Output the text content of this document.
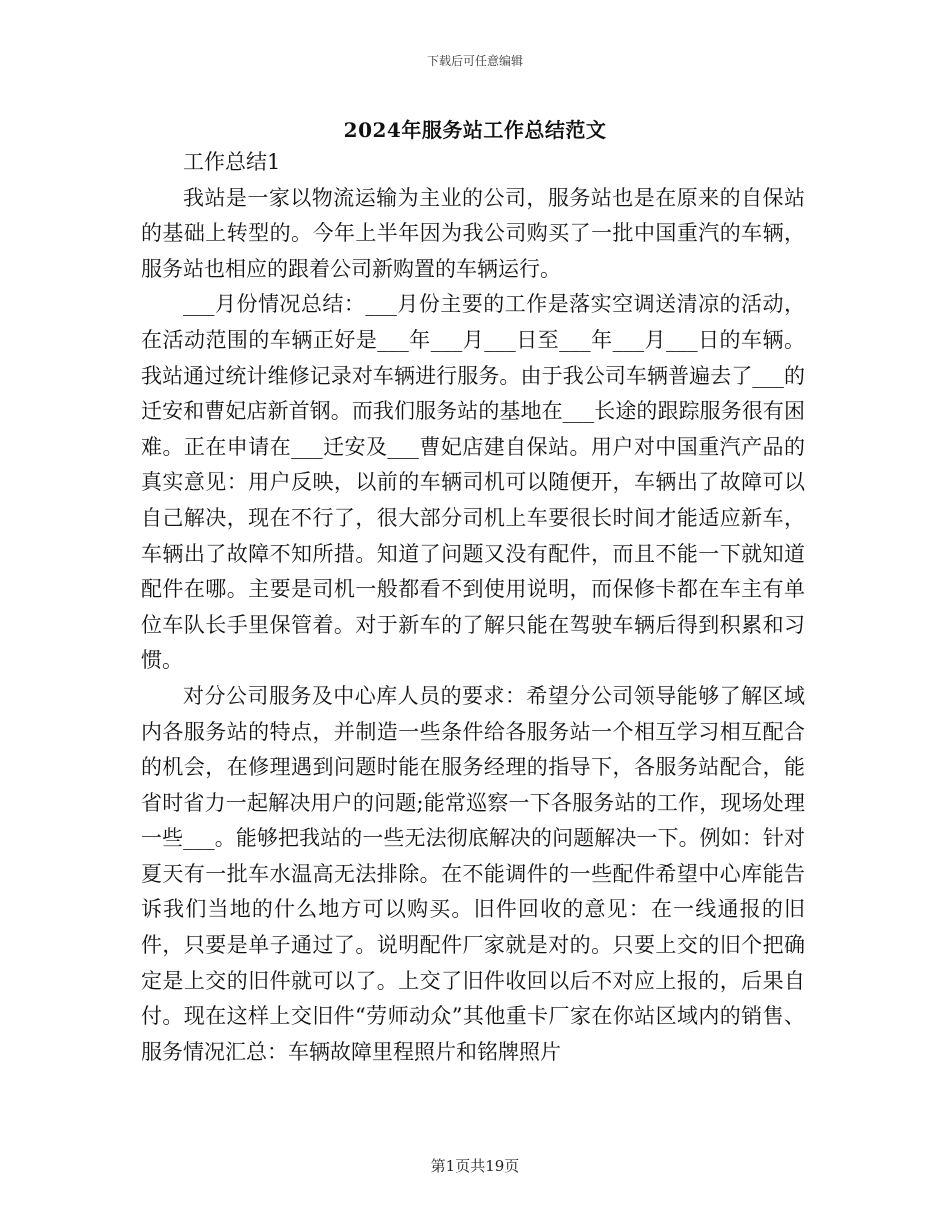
下载后可任意编辑
2024年服务站工作总结范文

工作总结1

我站是一家以物流运输为主业的公司，服务站也是在原来的自保站的基础上转型的。今年上半年因为我公司购买了一批中国重汽的车辆，服务站也相应的跟着公司新购置的车辆运行。

___月份情况总结：___月份主要的工作是落实空调送清凉的活动，在活动范围的车辆正好是___年___月___日至___年___月___日的车辆。我站通过统计维修记录对车辆进行服务。由于我公司车辆普遍去了___的迁安和曹妃店新首钢。而我们服务站的基地在___长途的跟踪服务很有困难。正在申请在___迁安及___曹妃店建自保站。用户对中国重汽产品的真实意见：用户反映，以前的车辆司机可以随便开，车辆出了故障可以自己解决，现在不行了，很大部分司机上车要很长时间才能适应新车，车辆出了故障不知所措。知道了问题又没有配件，而且不能一下就知道配件在哪。主要是司机一般都看不到使用说明，而保修卡都在车主有单位车队长手里保管着。对于新车的了解只能在驾驶车辆后得到积累和习惯。

对分公司服务及中心库人员的要求：希望分公司领导能够了解区域内各服务站的特点，并制造一些条件给各服务站一个相互学习相互配合的机会，在修理遇到问题时能在服务经理的指导下，各服务站配合，能省时省力一起解决用户的问题;能常巡察一下各服务站的工作，现场处理一些___。能够把我站的一些无法彻底解决的问题解决一下。例如：针对夏天有一批车水温高无法排除。在不能调件的一些配件希望中心库能告诉我们当地的什么地方可以购买。旧件回收的意见：在一线通报的旧件，只要是单子通过了。说明配件厂家就是对的。只要上交的旧个把确定是上交的旧件就可以了。上交了旧件收回以后不对应上报的，后果自付。现在这样上交旧件“劳师动众”其他重卡厂家在你站区域内的销售、服务情况汇总：车辆故障里程照片和铭牌照片

第1页共19页
